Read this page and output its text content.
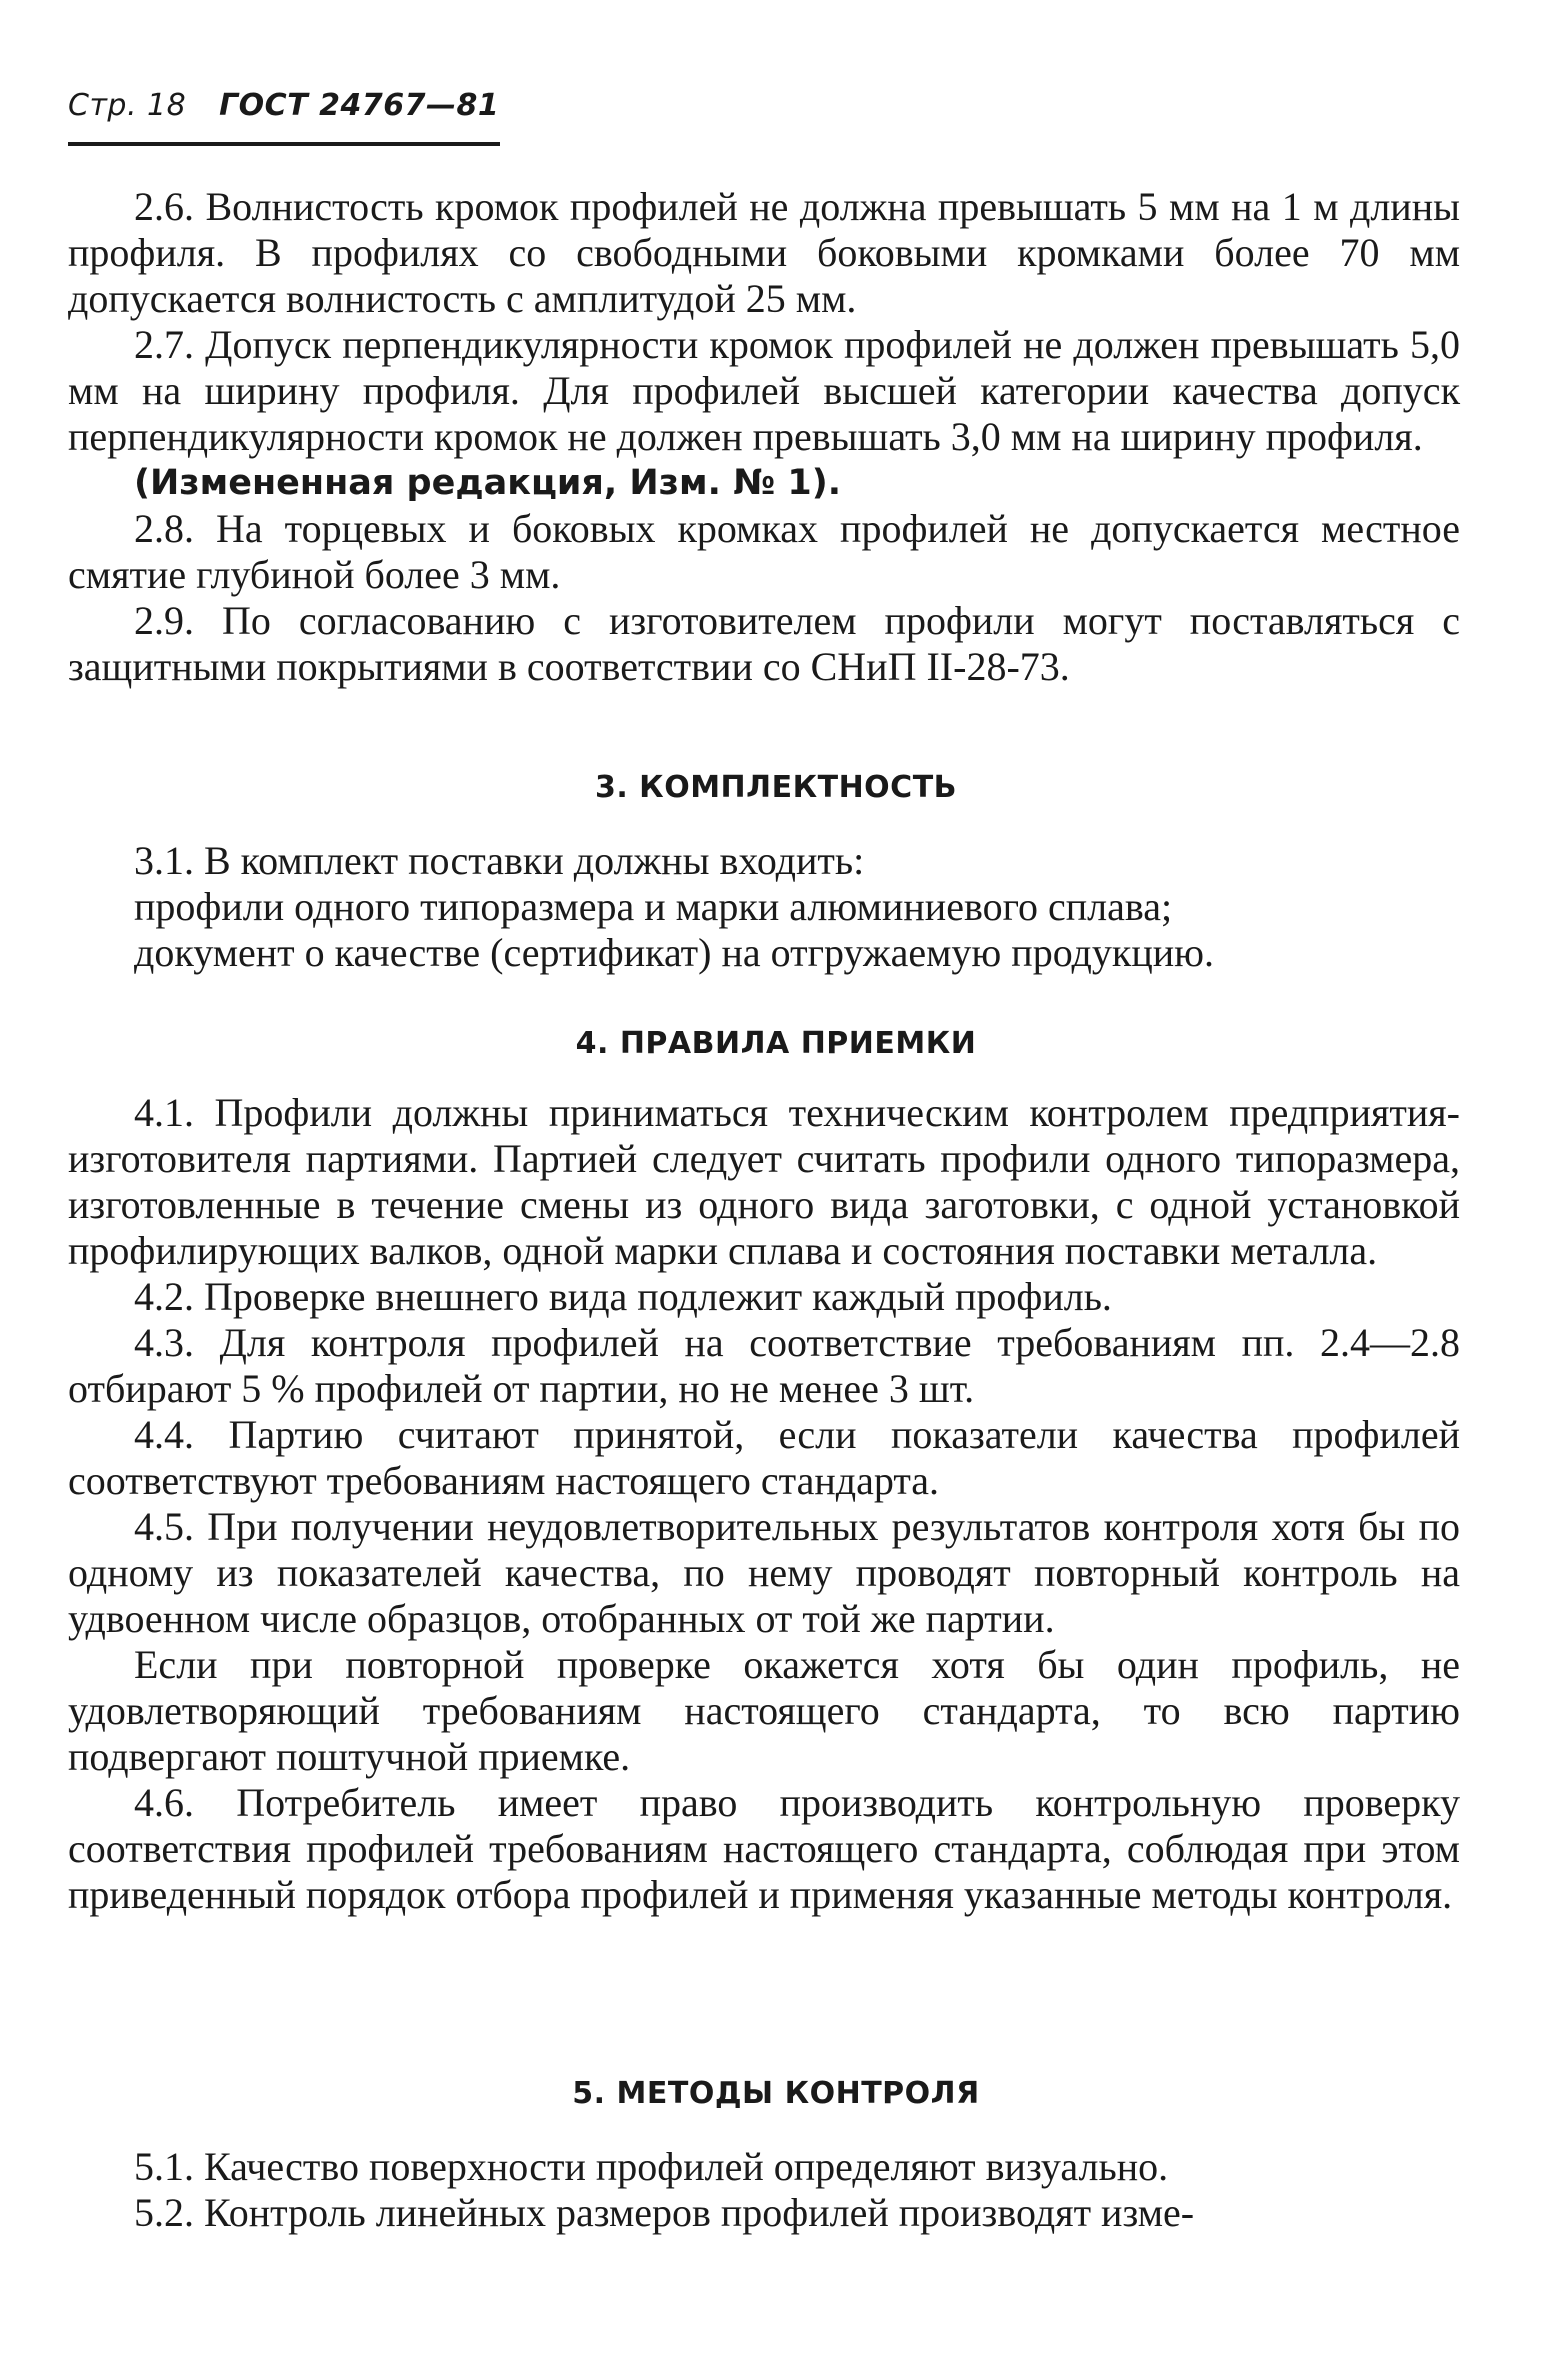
Стр. 18 ГОСТ 24767—81

2.6. Волнистость кромок профилей не должна превышать 5 мм на 1 м длины профиля. В профилях со свободными боковыми кромками более 70 мм допускается волнистость с амплитудой 25 мм.

2.7. Допуск перпендикулярности кромок профилей не должен превышать 5,0 мм на ширину профиля. Для профилей высшей категории качества допуск перпендикулярности кромок не должен превышать 3,0 мм на ширину профиля.

(Измененная редакция, Изм. № 1).

2.8. На торцевых и боковых кромках профилей не допускается местное смятие глубиной более 3 мм.

2.9. По согласованию с изготовителем профили могут поставляться с защитными покрытиями в соответствии со СНиП II-28-73.

3. КОМПЛЕКТНОСТЬ

3.1. В комплект поставки должны входить:

профили одного типоразмера и марки алюминиевого сплава;

документ о качестве (сертификат) на отгружаемую продукцию.

4. ПРАВИЛА ПРИЕМКИ

4.1. Профили должны приниматься техническим контролем предприятия-изготовителя партиями. Партией следует считать профили одного типоразмера, изготовленные в течение смены из одного вида заготовки, с одной установкой профилирующих валков, одной марки сплава и состояния поставки металла.

4.2. Проверке внешнего вида подлежит каждый профиль.

4.3. Для контроля профилей на соответствие требованиям пп. 2.4—2.8 отбирают 5 % профилей от партии, но не менее 3 шт.

4.4. Партию считают принятой, если показатели качества профилей соответствуют требованиям настоящего стандарта.

4.5. При получении неудовлетворительных результатов контроля хотя бы по одному из показателей качества, по нему проводят повторный контроль на удвоенном числе образцов, отобранных от той же партии.

Если при повторной проверке окажется хотя бы один профиль, не удовлетворяющий требованиям настоящего стандарта, то всю партию подвергают поштучной приемке.

4.6. Потребитель имеет право производить контрольную проверку соответствия профилей требованиям настоящего стандарта, соблюдая при этом приведенный порядок отбора профилей и применяя указанные методы контроля.

5. МЕТОДЫ КОНТРОЛЯ

5.1. Качество поверхности профилей определяют визуально.

5.2. Контроль линейных размеров профилей производят изме-
